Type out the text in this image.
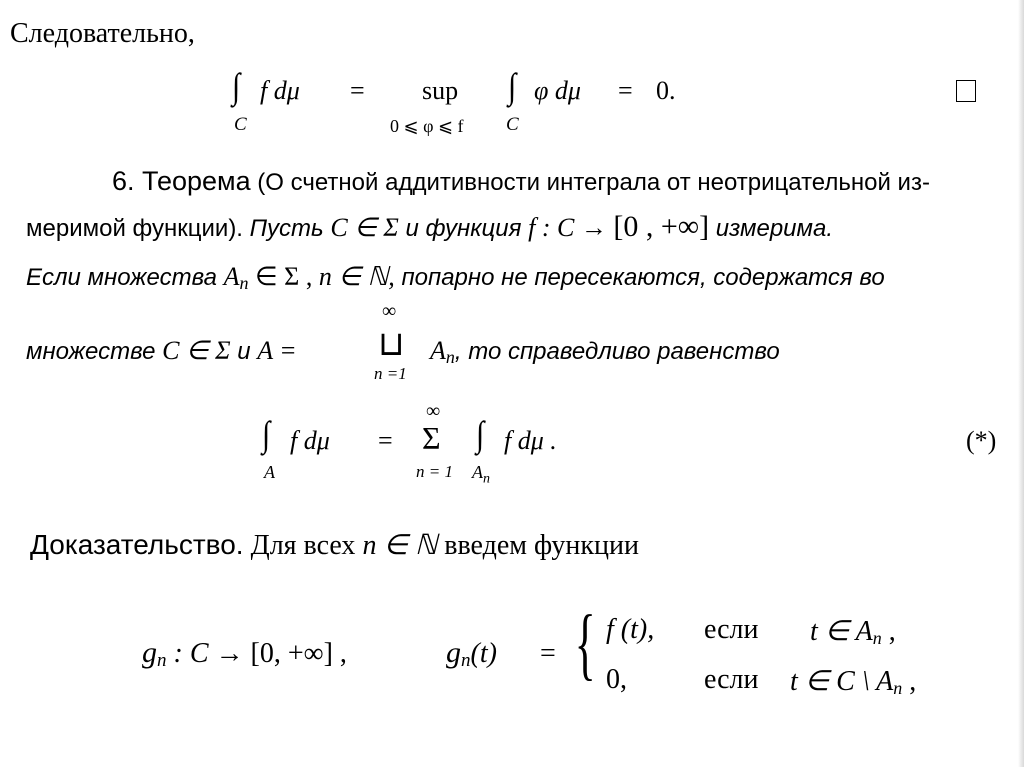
Следовательно,
∫
C
f dμ = sup
0 ⩽ φ ⩽ f
∫
C
φ dμ = 0.
6. Теорема (О счетной аддитивности интеграла от неотрицательной из-
меримой функции). Пусть C ∈ Σ и функция f : C → [0 , +∞] измерима.
Если множества $A_n$ ∈ Σ , n ∈ ℕ, попарно не пересекаются, содержатся во
множестве C ∈ Σ и A =
∞
⊔
n =1
$A_n$, то справедливо равенство
∫
A
f dμ =
∞
Σ
n = 1
∫
$A_n$
f dμ .	(*)
Доказательство. Для всех n ∈ ℕ введем функции
$g_n$ : C → [0, +∞] ,	$g_n(t)$ = { f (t), если t ∈ $A_n$ ,
0,	если t ∈ C \ $A_n$ ,
